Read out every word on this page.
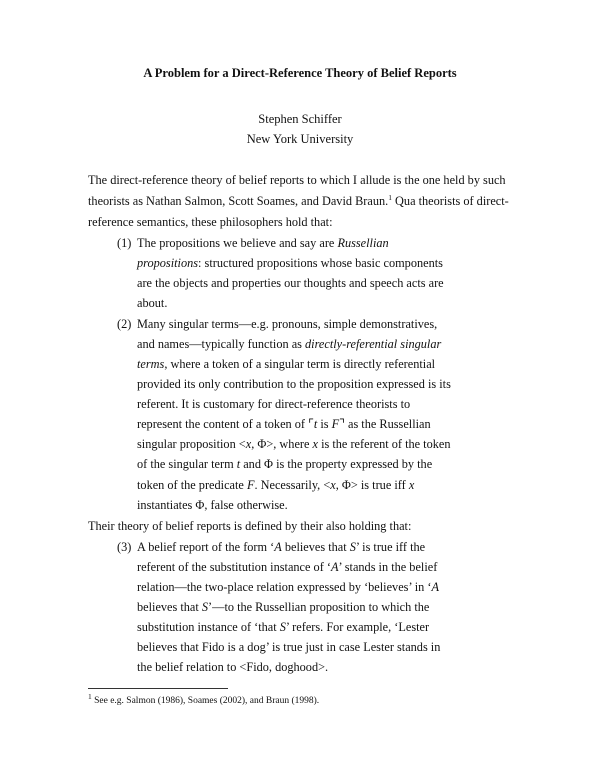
A Problem for a Direct-Reference Theory of Belief Reports
Stephen Schiffer
New York University
The direct-reference theory of belief reports to which I allude is the one held by such
theorists as Nathan Salmon, Scott Soames, and David Braun.$^1$ Qua theorists of direct-
reference semantics, these philosophers hold that:
(1) The propositions we believe and say are Russellian
propositions: structured propositions whose basic components
are the objects and properties our thoughts and speech acts are
about.
(2) Many singular terms—e.g. pronouns, simple demonstratives,
and names—typically function as directly-referential singular
terms, where a token of a singular term is directly referential
provided its only contribution to the proposition expressed is its
referent. It is customary for direct-reference theorists to
represent the content of a token of ⌜t is F⌝ as the Russellian
singular proposition <x, Φ>, where x is the referent of the token
of the singular term t and Φ is the property expressed by the
token of the predicate F. Necessarily, <x, Φ> is true iff x
instantiates Φ, false otherwise.
Their theory of belief reports is defined by their also holding that:
(3) A belief report of the form ‘A believes that S’ is true iff the
referent of the substitution instance of ‘A’ stands in the belief
relation—the two-place relation expressed by ‘believes’ in ‘A
believes that S’—to the Russellian proposition to which the
substitution instance of ‘that S’ refers. For example, ‘Lester
believes that Fido is a dog’ is true just in case Lester stands in
the belief relation to <Fido, doghood>.
$^1$ See e.g. Salmon (1986), Soames (2002), and Braun (1998).
